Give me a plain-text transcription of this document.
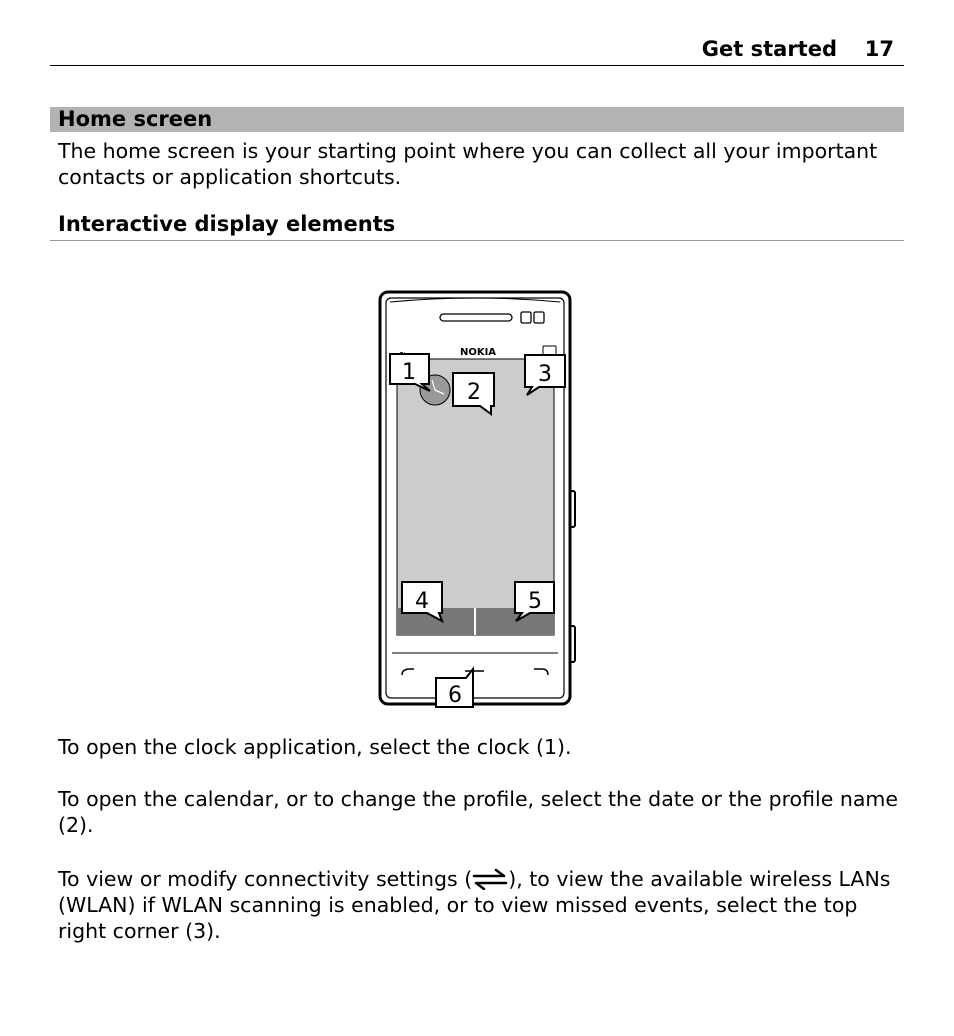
Get started 17
Home screen

The home screen is your starting point where you can collect all your important contacts or application shortcuts.

Interactive display elements
NOKIA
1
2
3
4	5
6

To open the clock application, select the clock (1).

To open the calendar, or to change the profile, select the date or the profile name (2).

To view or modify connectivity settings ( ), to view the available wireless LANs (WLAN) if WLAN scanning is enabled, or to view missed events, select the top right corner (3).
